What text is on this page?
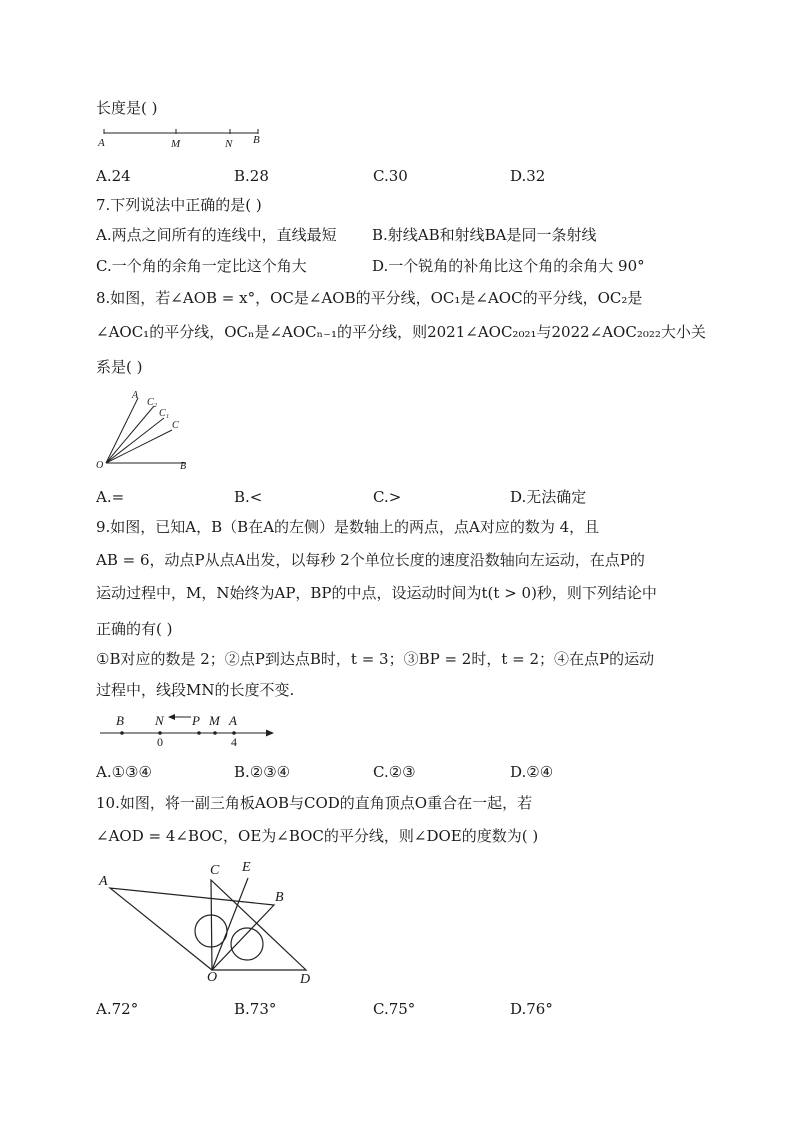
长度是( )
A	M	N B
A.24	B.28	C.30	D.32
7.下列说法中正确的是( )
A.两点之间所有的连线中，直线最短 B.射线AB和射线BA是同一条射线
C.一个角的余角一定比这个角大	D.一个锐角的补角比这个角的余角大 90°
8.如图，若∠AOB = x°，OC是∠AOB的平分线，OC₁是∠AOC的平分线，OC₂是
∠AOC₁的平分线，OCₙ是∠AOCₙ₋₁的平分线，则2021∠AOC₂₀₂₁与2022∠AOC₂₀₂₂大小关
系是( )
A
C₂
C₁
C
O	B
A.=	B.<	C.>	D.无法确定
9.如图，已知A，B（B在A的左侧）是数轴上的两点，点A对应的数为 4，且
AB = 6，动点P从点A出发，以每秒 2个单位长度的速度沿数轴向左运动，在点P的
运动过程中，M，N始终为AP，BP的中点，设运动时间为t(t > 0)秒，则下列结论中
正确的有( )
①B对应的数是 2；②点P到达点B时，t = 3；③BP = 2时，t = 2；④在点P的运动
过程中，线段MN的长度不变.
B N P M A
0	4
A.①③④	B.②③④	C.②③	D.②④
10.如图，将一副三角板AOB与COD的直角顶点O重合在一起，若
∠AOD = 4∠BOC，OE为∠BOC的平分线，则∠DOE的度数为( )
A
C E
B
O	D
A.72°	B.73°	C.75°	D.76°
